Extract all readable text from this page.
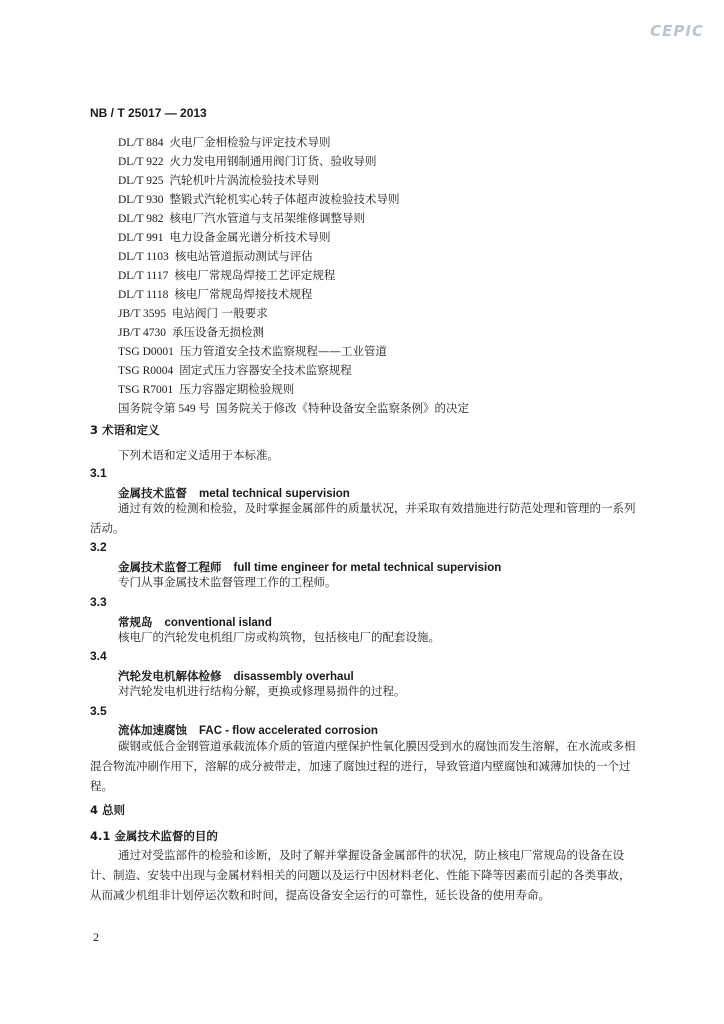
CEPIC
NB / T 25017 — 2013
DL/T 884 火电厂金相检验与评定技术导则
DL/T 922 火力发电用钢制通用阀门订货、验收导则
DL/T 925 汽轮机叶片涡流检验技术导则
DL/T 930 整锻式汽轮机实心转子体超声波检验技术导则
DL/T 982 核电厂汽水管道与支吊架维修调整导则
DL/T 991 电力设备金属光谱分析技术导则
DL/T 1103 核电站管道振动测试与评估
DL/T 1117 核电厂常规岛焊接工艺评定规程
DL/T 1118 核电厂常规岛焊接技术规程
JB/T 3595 电站阀门 一般要求
JB/T 4730 承压设备无损检测
TSG D0001 压力管道安全技术监察规程——工业管道
TSG R0004 固定式压力容器安全技术监察规程
TSG R7001 压力容器定期检验规则
国务院令第 549 号 国务院关于修改《特种设备安全监察条例》的决定
3 术语和定义
下列术语和定义适用于本标准。
3.1
金属技术监督 metal technical supervision
通过有效的检测和检验，及时掌握金属部件的质量状况，并采取有效措施进行防范处理和管理的一系列活动。
3.2
金属技术监督工程师 full time engineer for metal technical supervision
专门从事金属技术监督管理工作的工程师。
3.3
常规岛 conventional island
核电厂的汽轮发电机组厂房或构筑物，包括核电厂的配套设施。
3.4
汽轮发电机解体检修 disassembly overhaul
对汽轮发电机进行结构分解，更换或修理易损件的过程。
3.5
流体加速腐蚀 FAC - flow accelerated corrosion
碳钢或低合金钢管道承载流体介质的管道内壁保护性氧化膜因受到水的腐蚀而发生溶解，在水流或多相混合物流冲刷作用下，溶解的成分被带走，加速了腐蚀过程的进行，导致管道内壁腐蚀和减薄加快的一个过程。
4 总则
4.1 金属技术监督的目的
通过对受监部件的检验和诊断，及时了解并掌握设备金属部件的状况，防止核电厂常规岛的设备在设计、制造、安装中出现与金属材料相关的问题以及运行中因材料老化、性能下降等因素而引起的各类事故，从而减少机组非计划停运次数和时间，提高设备安全运行的可靠性，延长设备的使用寿命。
2
